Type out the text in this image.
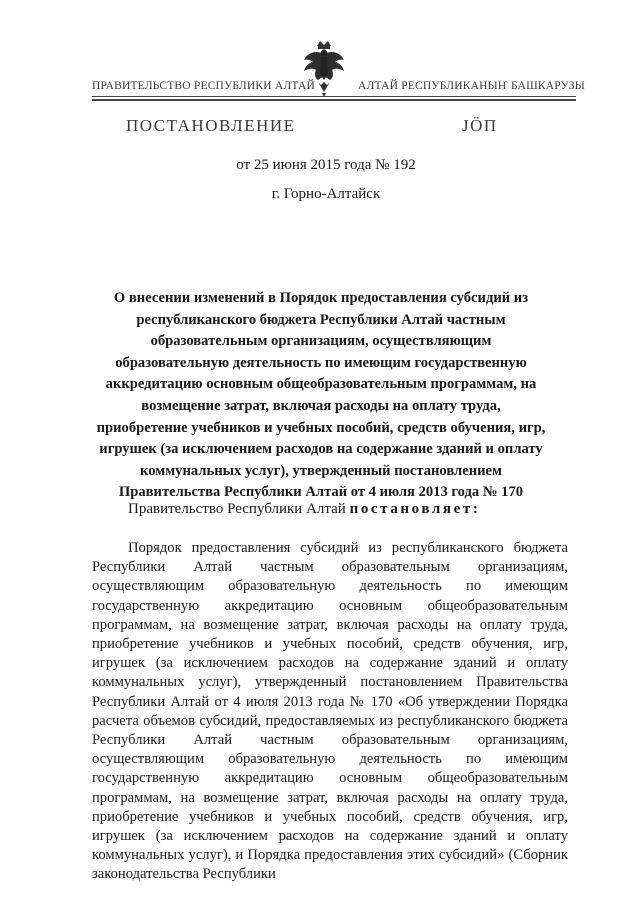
ПРАВИТЕЛЬСТВО РЕСПУБЛИКИ АЛТАЙ	АЛТАЙ РЕСПУБЛИКАНЫҤ БАШКАРУЗЫ
ПОСТАНОВЛЕНИЕ	JӦП
от 25 июня 2015 года № 192
г. Горно-Алтайск
О внесении изменений в Порядок предоставления субсидий из республиканского бюджета Республики Алтай частным образовательным организациям, осуществляющим образовательную деятельность по имеющим государственную аккредитацию основным общеобразовательным программам, на возмещение затрат, включая расходы на оплату труда, приобретение учебников и учебных пособий, средств обучения, игр, игрушек (за исключением расходов на содержание зданий и оплату коммунальных услуг), утвержденный постановлением Правительства Республики Алтай от 4 июля 2013 года № 170
Правительство Республики Алтай постановляет:
Порядок предоставления субсидий из республиканского бюджета Республики Алтай частным образовательным организациям, осуществляющим образовательную деятельность по имеющим государственную аккредитацию основным общеобразовательным программам, на возмещение затрат, включая расходы на оплату труда, приобретение учебников и учебных пособий, средств обучения, игр, игрушек (за исключением расходов на содержание зданий и оплату коммунальных услуг), утвержденный постановлением Правительства Республики Алтай от 4 июля 2013 года № 170 «Об утверждении Порядка расчета объемов субсидий, предоставляемых из республиканского бюджета Республики Алтай частным образовательным организациям, осуществляющим образовательную деятельность по имеющим государственную аккредитацию основным общеобразовательным программам, на возмещение затрат, включая расходы на оплату труда, приобретение учебников и учебных пособий, средств обучения, игр, игрушек (за исключением расходов на содержание зданий и оплату коммунальных услуг), и Порядка предоставления этих субсидий» (Сборник законодательства Республики
